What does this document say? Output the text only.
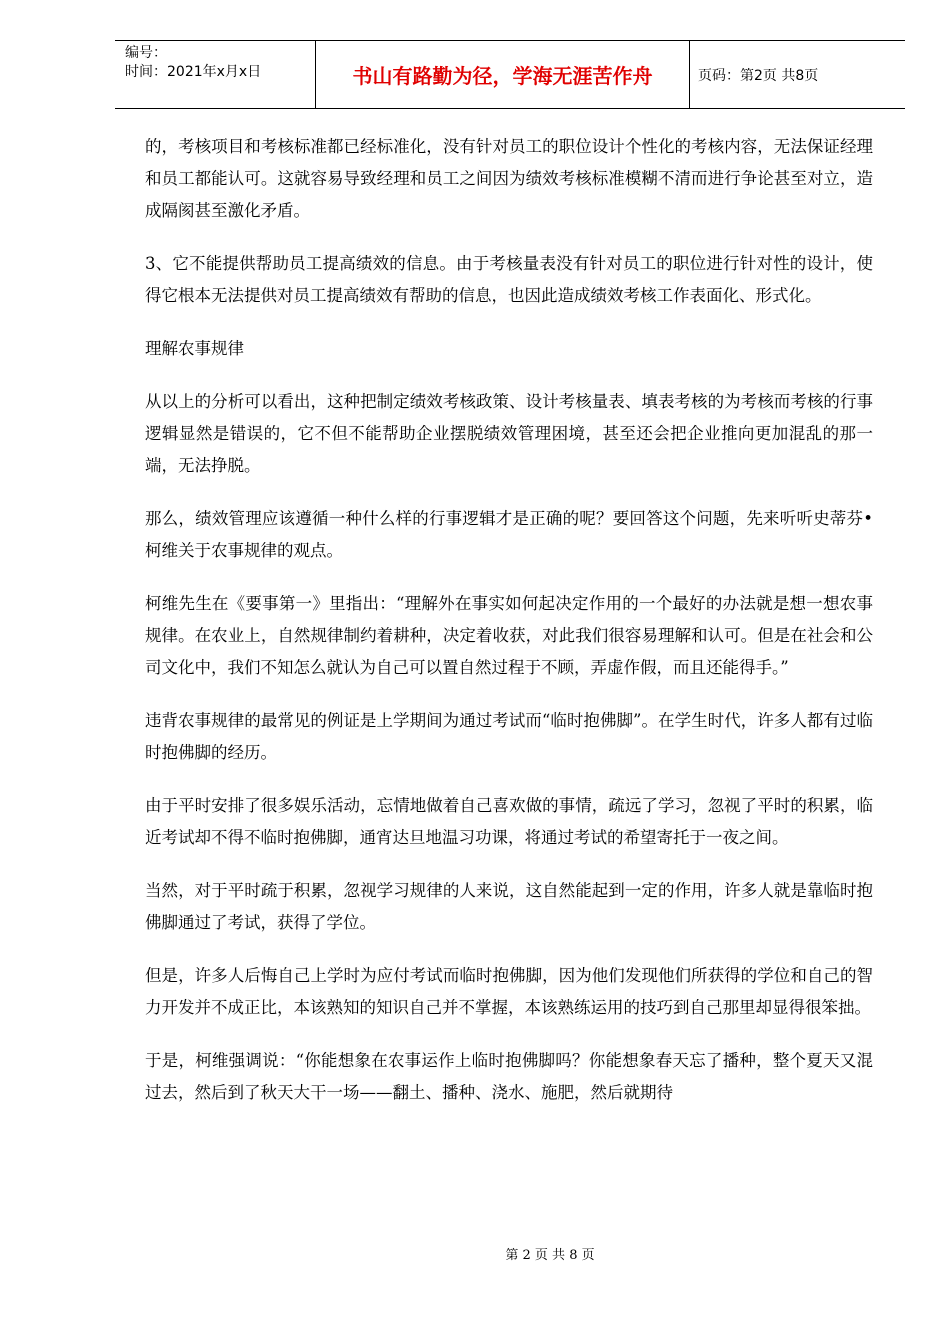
编号：
时间：2021年x月x日	书山有路勤为径，学海无涯苦作舟	页码：第2页 共8页

的，考核项目和考核标准都已经标准化，没有针对员工的职位设计个性化的考核内容，无法保证经理和员工都能认可。这就容易导致经理和员工之间因为绩效考核标准模糊不清而进行争论甚至对立，造成隔阂甚至激化矛盾。

3、它不能提供帮助员工提高绩效的信息。由于考核量表没有针对员工的职位进行针对性的设计，使得它根本无法提供对员工提高绩效有帮助的信息，也因此造成绩效考核工作表面化、形式化。

理解农事规律

从以上的分析可以看出，这种把制定绩效考核政策、设计考核量表、填表考核的为考核而考核的行事逻辑显然是错误的，它不但不能帮助企业摆脱绩效管理困境，甚至还会把企业推向更加混乱的那一端，无法挣脱。

那么，绩效管理应该遵循一种什么样的行事逻辑才是正确的呢？要回答这个问题，先来听听史蒂芬•柯维关于农事规律的观点。

柯维先生在《要事第一》里指出：“理解外在事实如何起决定作用的一个最好的办法就是想一想农事规律。在农业上，自然规律制约着耕种，决定着收获，对此我们很容易理解和认可。但是在社会和公司文化中，我们不知怎么就认为自己可以置自然过程于不顾，弄虚作假，而且还能得手。”

违背农事规律的最常见的例证是上学期间为通过考试而“临时抱佛脚”。在学生时代，许多人都有过临时抱佛脚的经历。

由于平时安排了很多娱乐活动，忘情地做着自己喜欢做的事情，疏远了学习，忽视了平时的积累，临近考试却不得不临时抱佛脚，通宵达旦地温习功课，将通过考试的希望寄托于一夜之间。

当然，对于平时疏于积累，忽视学习规律的人来说，这自然能起到一定的作用，许多人就是靠临时抱佛脚通过了考试，获得了学位。

但是，许多人后悔自己上学时为应付考试而临时抱佛脚，因为他们发现他们所获得的学位和自己的智力开发并不成正比，本该熟知的知识自己并不掌握，本该熟练运用的技巧到自己那里却显得很笨拙。

于是，柯维强调说：“你能想象在农事运作上临时抱佛脚吗？你能想象春天忘了播种，整个夏天又混过去，然后到了秋天大干一场——翻土、播种、浇水、施肥，然后就期待

第 2 页 共 8 页
